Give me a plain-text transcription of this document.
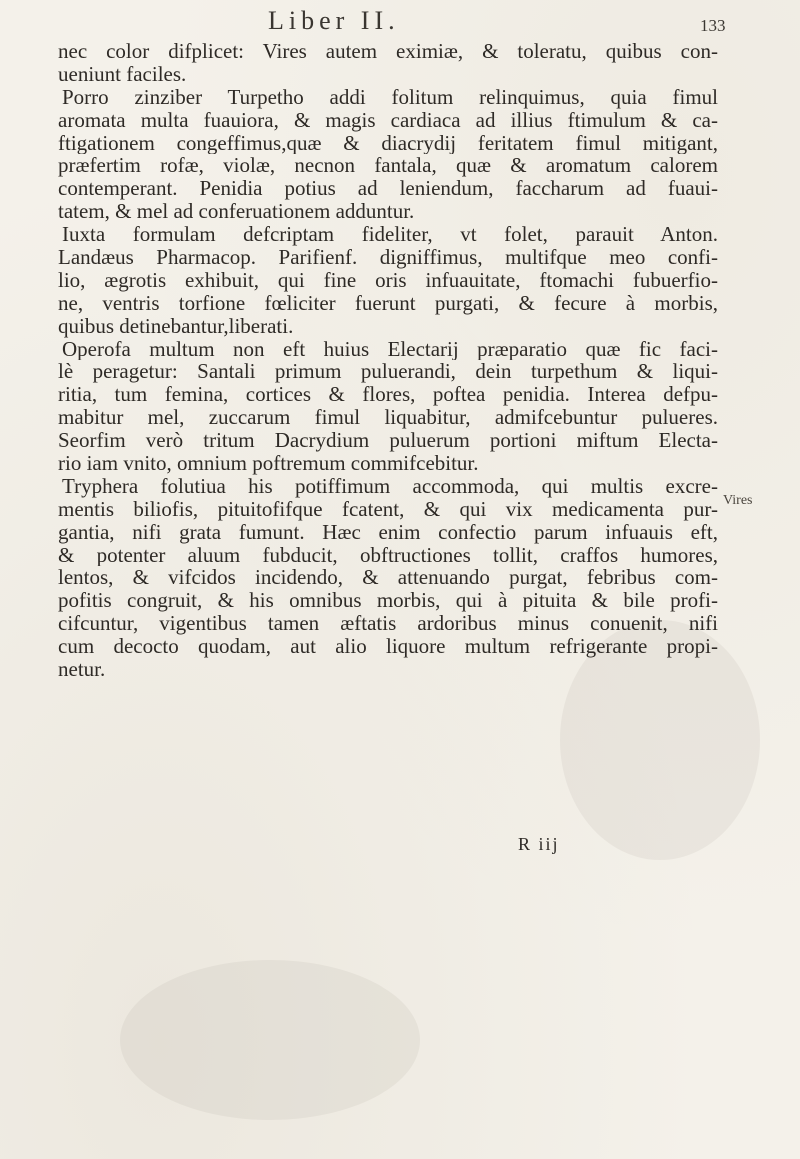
Liber II.	133
nec color difplicet: Vires autem eximiæ, & toleratu, quibus con-
ueniunt faciles.
Porro zinziber Turpetho addi folitum relinquimus, quia fimul
aromata multa fuauiora, & magis cardiaca ad illius ftimulum & ca-
ftigationem congeffimus,quæ & diacrydij feritatem fimul mitigant,
præfertim rofæ, violæ, necnon fantala, quæ & aromatum calorem
contemperant. Penidia potius ad leniendum, faccharum ad fuaui-
tatem, & mel ad conferuationem adduntur.
Iuxta formulam defcriptam fideliter, vt folet, parauit Anton.
Landæus Pharmacop. Parifienf. digniffimus, multifque meo confi-
lio, ægrotis exhibuit, qui fine oris infuauitate, ftomachi fubuerfio-
ne, ventris torfione fœliciter fuerunt purgati, & fecure à morbis,
quibus detinebantur,liberati.
Operofa multum non eft huius Electarij præparatio quæ fic faci-
lè peragetur: Santali primum puluerandi, dein turpethum & liqui-
ritia, tum femina, cortices & flores, poftea penidia. Interea defpu-
mabitur mel, zuccarum fimul liquabitur, admifcebuntur pulueres.
Seorfim verò tritum Dacrydium puluerum portioni miftum Electa-
rio iam vnito, omnium poftremum commifcebitur.
Tryphera folutiua his potiffimum accommoda, qui multis excre-
mentis biliofis, pituitofifque fcatent, & qui vix medicamenta pur-
gantia, nifi grata fumunt. Hæc enim confectio parum infuauis eft,
& potenter aluum fubducit, obftructiones tollit, craffos humores,
lentos, & vifcidos incidendo, & attenuando purgat, febribus com-
pofitis congruit, & his omnibus morbis, qui à pituita & bile profi-
cifcuntur, vigentibus tamen æftatis ardoribus minus conuenit, nifi
cum decocto quodam, aut alio liquore multum refrigerante propi-
netur.
Vires
R iij
